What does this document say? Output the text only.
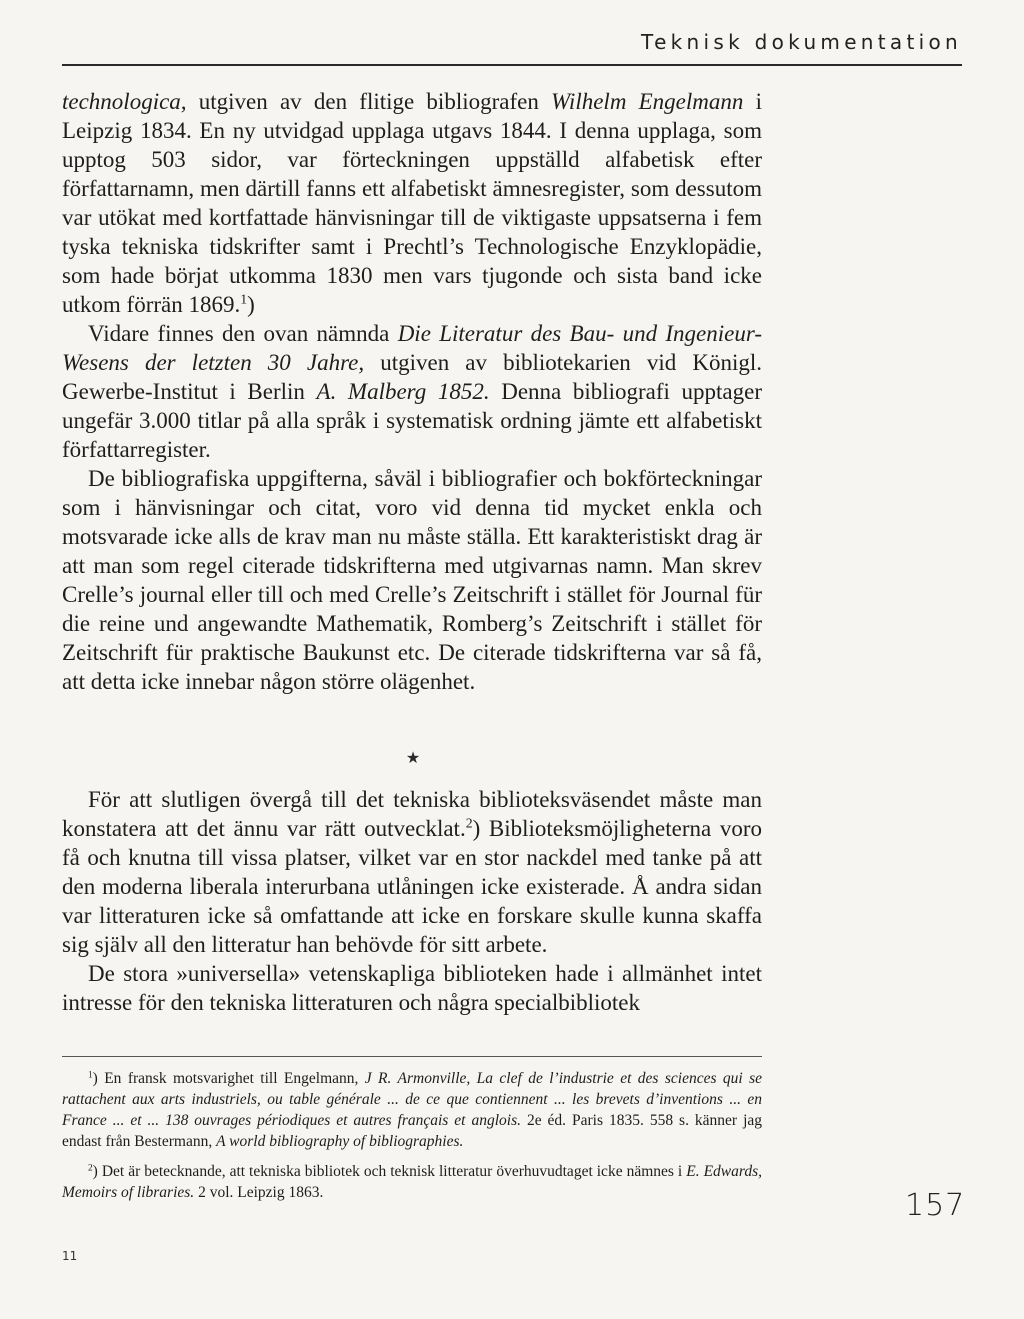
Teknisk dokumentation

technologica, utgiven av den flitige bibliografen Wilhelm Engelmann i Leipzig 1834. En ny utvidgad upplaga utgavs 1844. I denna upplaga, som upptog 503 sidor, var förteckningen uppställd alfabetisk efter författarnamn, men därtill fanns ett alfabetiskt ämnesregister, som dessutom var utökat med kortfattade hänvisningar till de viktigaste uppsatserna i fem tyska tekniska tidskrifter samt i Prechtl’s Technologische Enzyklopädie, som hade börjat utkomma 1830 men vars tjugonde och sista band icke utkom förrän 1869.$^1$)

Vidare finnes den ovan nämnda Die Literatur des Bau- und Ingenieur-Wesens der letzten 30 Jahre, utgiven av bibliotekarien vid Königl. Gewerbe-Institut i Berlin A. Malberg 1852. Denna bibliografi upptager ungefär 3.000 titlar på alla språk i systematisk ordning jämte ett alfabetiskt författarregister.

De bibliografiska uppgifterna, såväl i bibliografier och bokförteckningar som i hänvisningar och citat, voro vid denna tid mycket enkla och motsvarade icke alls de krav man nu måste ställa. Ett karakteristiskt drag är att man som regel citerade tidskrifterna med utgivarnas namn. Man skrev Crelle’s journal eller till och med Crelle’s Zeitschrift i stället för Journal für die reine und angewandte Mathematik, Romberg’s Zeitschrift i stället för Zeitschrift für praktische Baukunst etc. De citerade tidskrifterna var så få, att detta icke innebar någon större olägenhet.

★

För att slutligen övergå till det tekniska biblioteksväsendet måste man konstatera att det ännu var rätt outvecklat.$^2$) Biblioteksmöjligheterna voro få och knutna till vissa platser, vilket var en stor nackdel med tanke på att den moderna liberala interurbana utlåningen icke existerade. Å andra sidan var litteraturen icke så omfattande att icke en forskare skulle kunna skaffa sig själv all den litteratur han behövde för sitt arbete.

De stora »universella» vetenskapliga biblioteken hade i allmänhet intet intresse för den tekniska litteraturen och några specialbibliotek

$^1$) En fransk motsvarighet till Engelmann, J R. Armonville, La clef de l’industrie et des sciences qui se rattachent aux arts industriels, ou table générale ... de ce que contiennent ... les brevets d’inventions ... en France ... et ... 138 ouvrages périodiques et autres français et anglois. 2e éd. Paris 1835. 558 s. känner jag endast från Bestermann, A world bibliography of bibliographies.

$^2$) Det är betecknande, att tekniska bibliotek och teknisk litteratur överhuvudtaget icke nämnes i E. Edwards, Memoirs of libraries. 2 vol. Leipzig 1863.	157
11
